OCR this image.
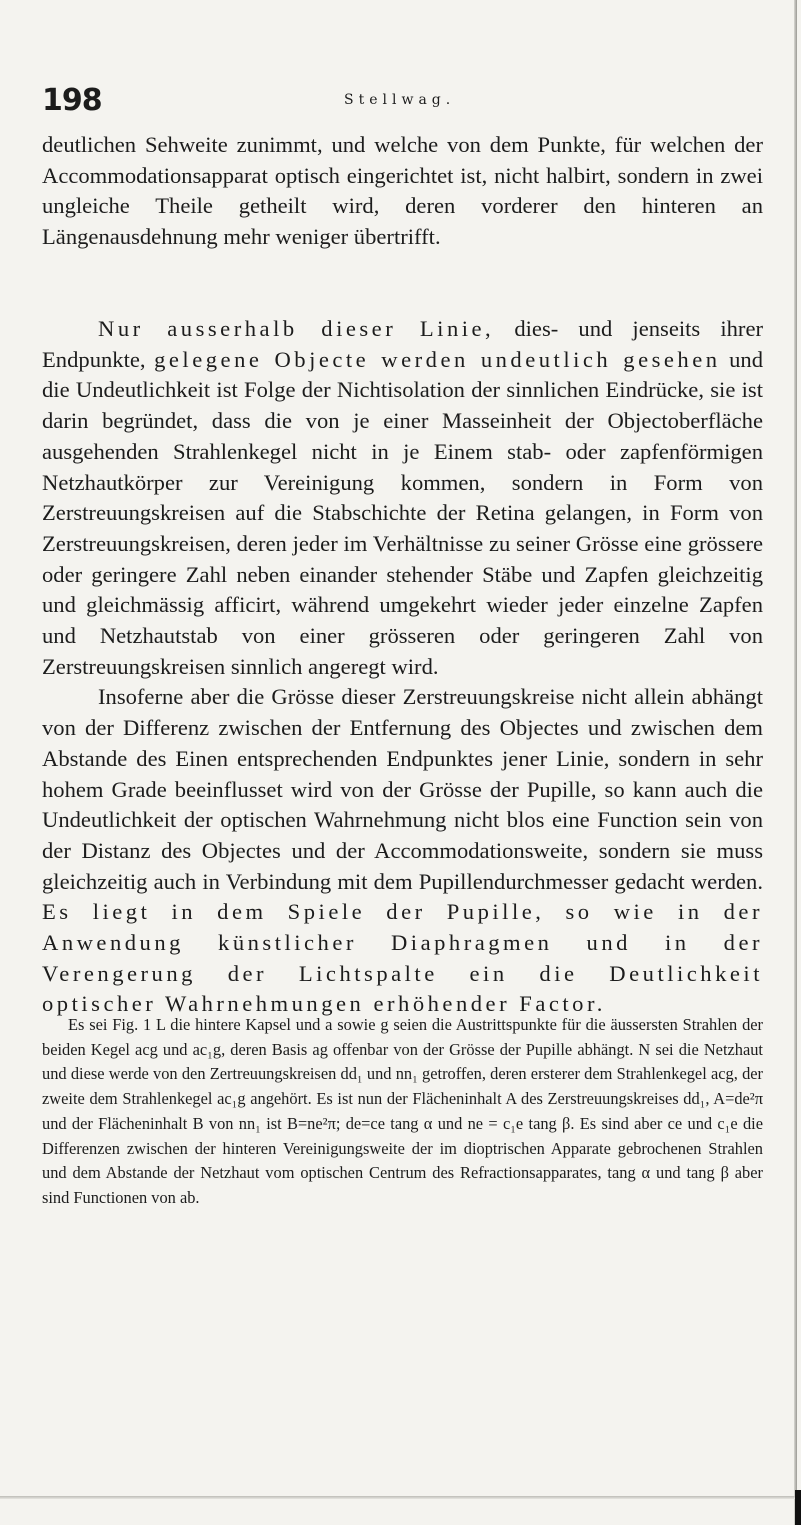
198	Stellwag.

deutlichen Sehweite zunimmt, und welche von dem Punkte, für welchen der Accommodationsapparat optisch eingerichtet ist, nicht halbirt, sondern in zwei ungleiche Theile getheilt wird, deren vorderer den hinteren an Längenausdehnung mehr weniger übertrifft.

Nur ausserhalb dieser Linie, dies- und jenseits ihrer Endpunkte, gelegene Objecte werden undeutlich gesehen und die Undeutlichkeit ist Folge der Nichtisolation der sinnlichen Eindrücke, sie ist darin begründet, dass die von je einer Masseinheit der Objectoberfläche ausgehenden Strahlenkegel nicht in je Einem stab- oder zapfenförmigen Netzhautkörper zur Vereinigung kommen, sondern in Form von Zerstreuungskreisen auf die Stabschichte der Retina gelangen, in Form von Zerstreuungskreisen, deren jeder im Verhältnisse zu seiner Grösse eine grössere oder geringere Zahl neben einander stehender Stäbe und Zapfen gleichzeitig und gleichmässig afficirt, während umgekehrt wieder jeder einzelne Zapfen und Netzhautstab von einer grösseren oder geringeren Zahl von Zerstreuungskreisen sinnlich angeregt wird.

Insoferne aber die Grösse dieser Zerstreuungskreise nicht allein abhängt von der Differenz zwischen der Entfernung des Objectes und zwischen dem Abstande des Einen entsprechenden Endpunktes jener Linie, sondern in sehr hohem Grade beeinflusset wird von der Grösse der Pupille, so kann auch die Undeutlichkeit der optischen Wahrnehmung nicht blos eine Function sein von der Distanz des Objectes und der Accommodationsweite, sondern sie muss gleichzeitig auch in Verbindung mit dem Pupillendurchmesser gedacht werden. Es liegt in dem Spiele der Pupille, so wie in der Anwendung künstlicher Diaphragmen und in der Verengerung der Lichtspalte ein die Deutlichkeit optischer Wahrnehmungen erhöhender Factor.

Es sei Fig. 1 L die hintere Kapsel und a sowie g seien die Austrittspunkte für die äussersten Strahlen der beiden Kegel acg und ac₁g, deren Basis ag offenbar von der Grösse der Pupille abhängt. N sei die Netzhaut und diese werde von den Zertreuungskreisen dd₁ und nn₁ getroffen, deren ersterer dem Strahlenkegel acg, der zweite dem Strahlenkegel ac₁g angehört. Es ist nun der Flächeninhalt A des Zerstreuungskreises dd₁, A=de²π und der Flächeninhalt B von nn₁ ist B=ne²π; de=ce tang α und ne = c₁e tang β. Es sind aber ce und c₁e die Differenzen zwischen der hinteren Vereinigungsweite der im dioptrischen Apparate gebrochenen Strahlen und dem Abstande der Netzhaut vom optischen Centrum des Refractionsapparates, tang α und tang β aber sind Functionen von ab.
